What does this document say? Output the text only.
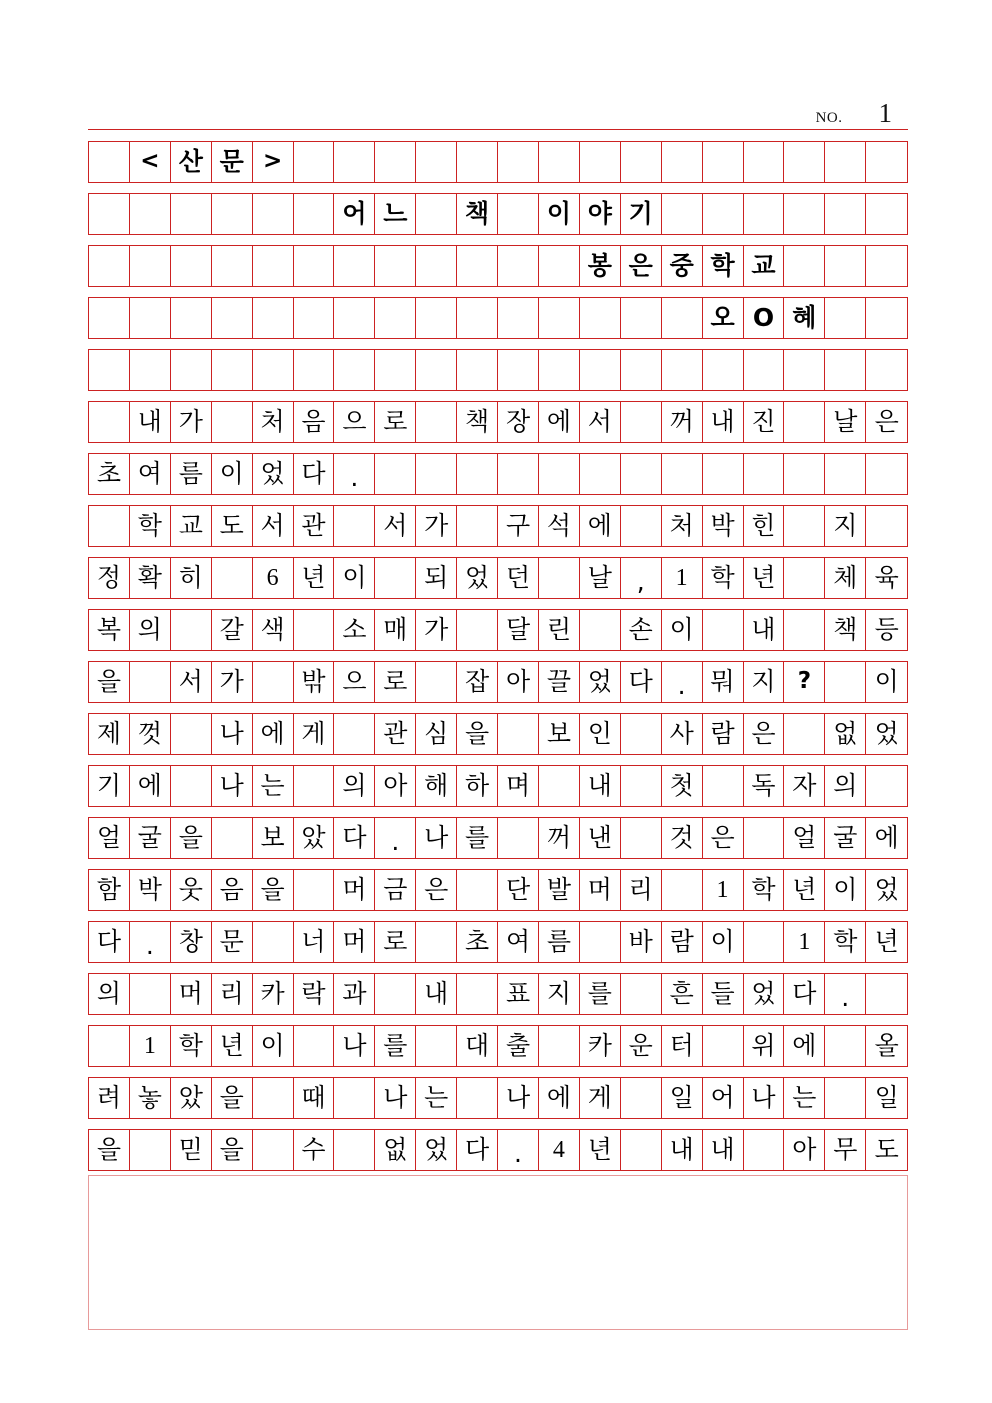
NO. 1
< 산 문 >
어 느	책	이 야 기
봉 은 중 학 교
오 O 혜
내 가	처 음 으 로	책 장 에 서	꺼 내 진	날 은
초 여 름 이 었 다 .
학 교 도 서 관	서 가	구 석 에	처 박 힌	지
정 확 히	6 년 이	되 었 던	날 ,	1 학 년	체 육
복 의	갈 색	소 매 가	달 린	손 이	내	책 등
을	서 가	밖 으 로	잡 아 끌 었 다 . 뭐 지 ?	이
제 껏	나 에 게	관 심 을	보 인	사 람 은	없 었
기 에	나 는	의 아 해 하 며	내	첫	독 자 의
얼 굴 을	보 았 다 . 나 를	꺼 낸	것 은	얼 굴 에
함 박 웃 음 을	머 금 은	단 발 머 리	1 학 년 이 었
다 . 창 문	너 머 로	초 여 름	바 람 이	1 학 년
의	머 리 카 락 과	내	표 지 를	흔 들 었 다 .
1 학 년 이	나 를	대 출	카 운 터	위 에	올
려 놓 았 을	때	나 는	나 에 게	일 어 나 는	일
을	믿 을	수	없 었 다 .	4 년	내 내	아 무 도
